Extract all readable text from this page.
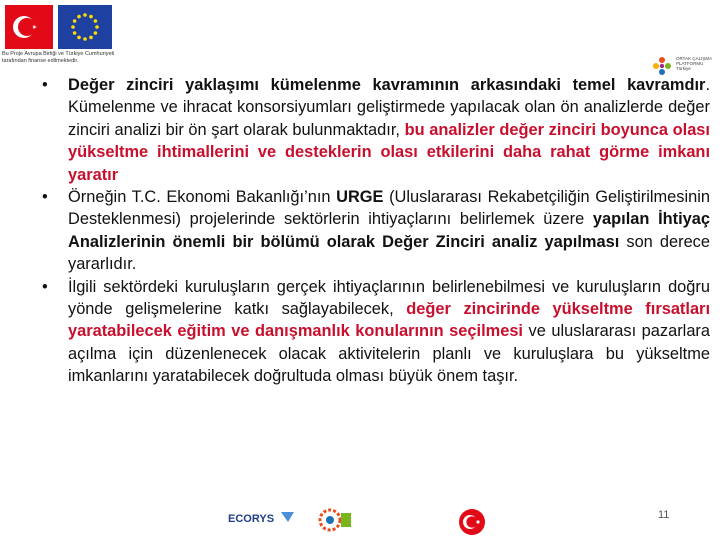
Bu Proje Avrupa Birliği ve Türkiye Cumhuriyeti
tarafından finanse edilmektedir.	ORTAK ÇALIŞMA
PLATFORMU
Türkiye
• Değer zinciri yaklaşımı kümelenme kavramının arkasındaki temel kavramdır. Kümelenme ve ihracat konsorsiyumları geliştirmede yapılacak olan ön analizlerde değer zinciri analizi bir ön şart olarak bulunmaktadır, bu analizler değer zinciri boyunca olası yükseltme ihtimallerini ve desteklerin olası etkilerini daha rahat görme imkanı yaratır
• Örneğin T.C. Ekonomi Bakanlığı’nın URGE (Uluslararası Rekabetçiliğin Geliştirilmesinin Desteklenmesi) projelerinde sektörlerin ihtiyaçlarını belirlemek üzere yapılan İhtiyaç Analizlerinin önemli bir bölümü olarak Değer Zinciri analiz yapılması son derece yararlıdır.
• İlgili sektördeki kuruluşların gerçek ihtiyaçlarının belirlenebilmesi ve kuruluşların doğru yönde gelişmelerine katkı sağlayabilecek, değer zincirinde yükseltme fırsatları yaratabilecek eğitim ve danışmanlık konularının seçilmesi ve uluslararası pazarlara açılma için düzenlenecek olacak aktivitelerin planlı ve kuruluşlara bu yükseltme imkanlarını yaratabilecek doğrultuda olması büyük önem taşır.
ECORYS	11
